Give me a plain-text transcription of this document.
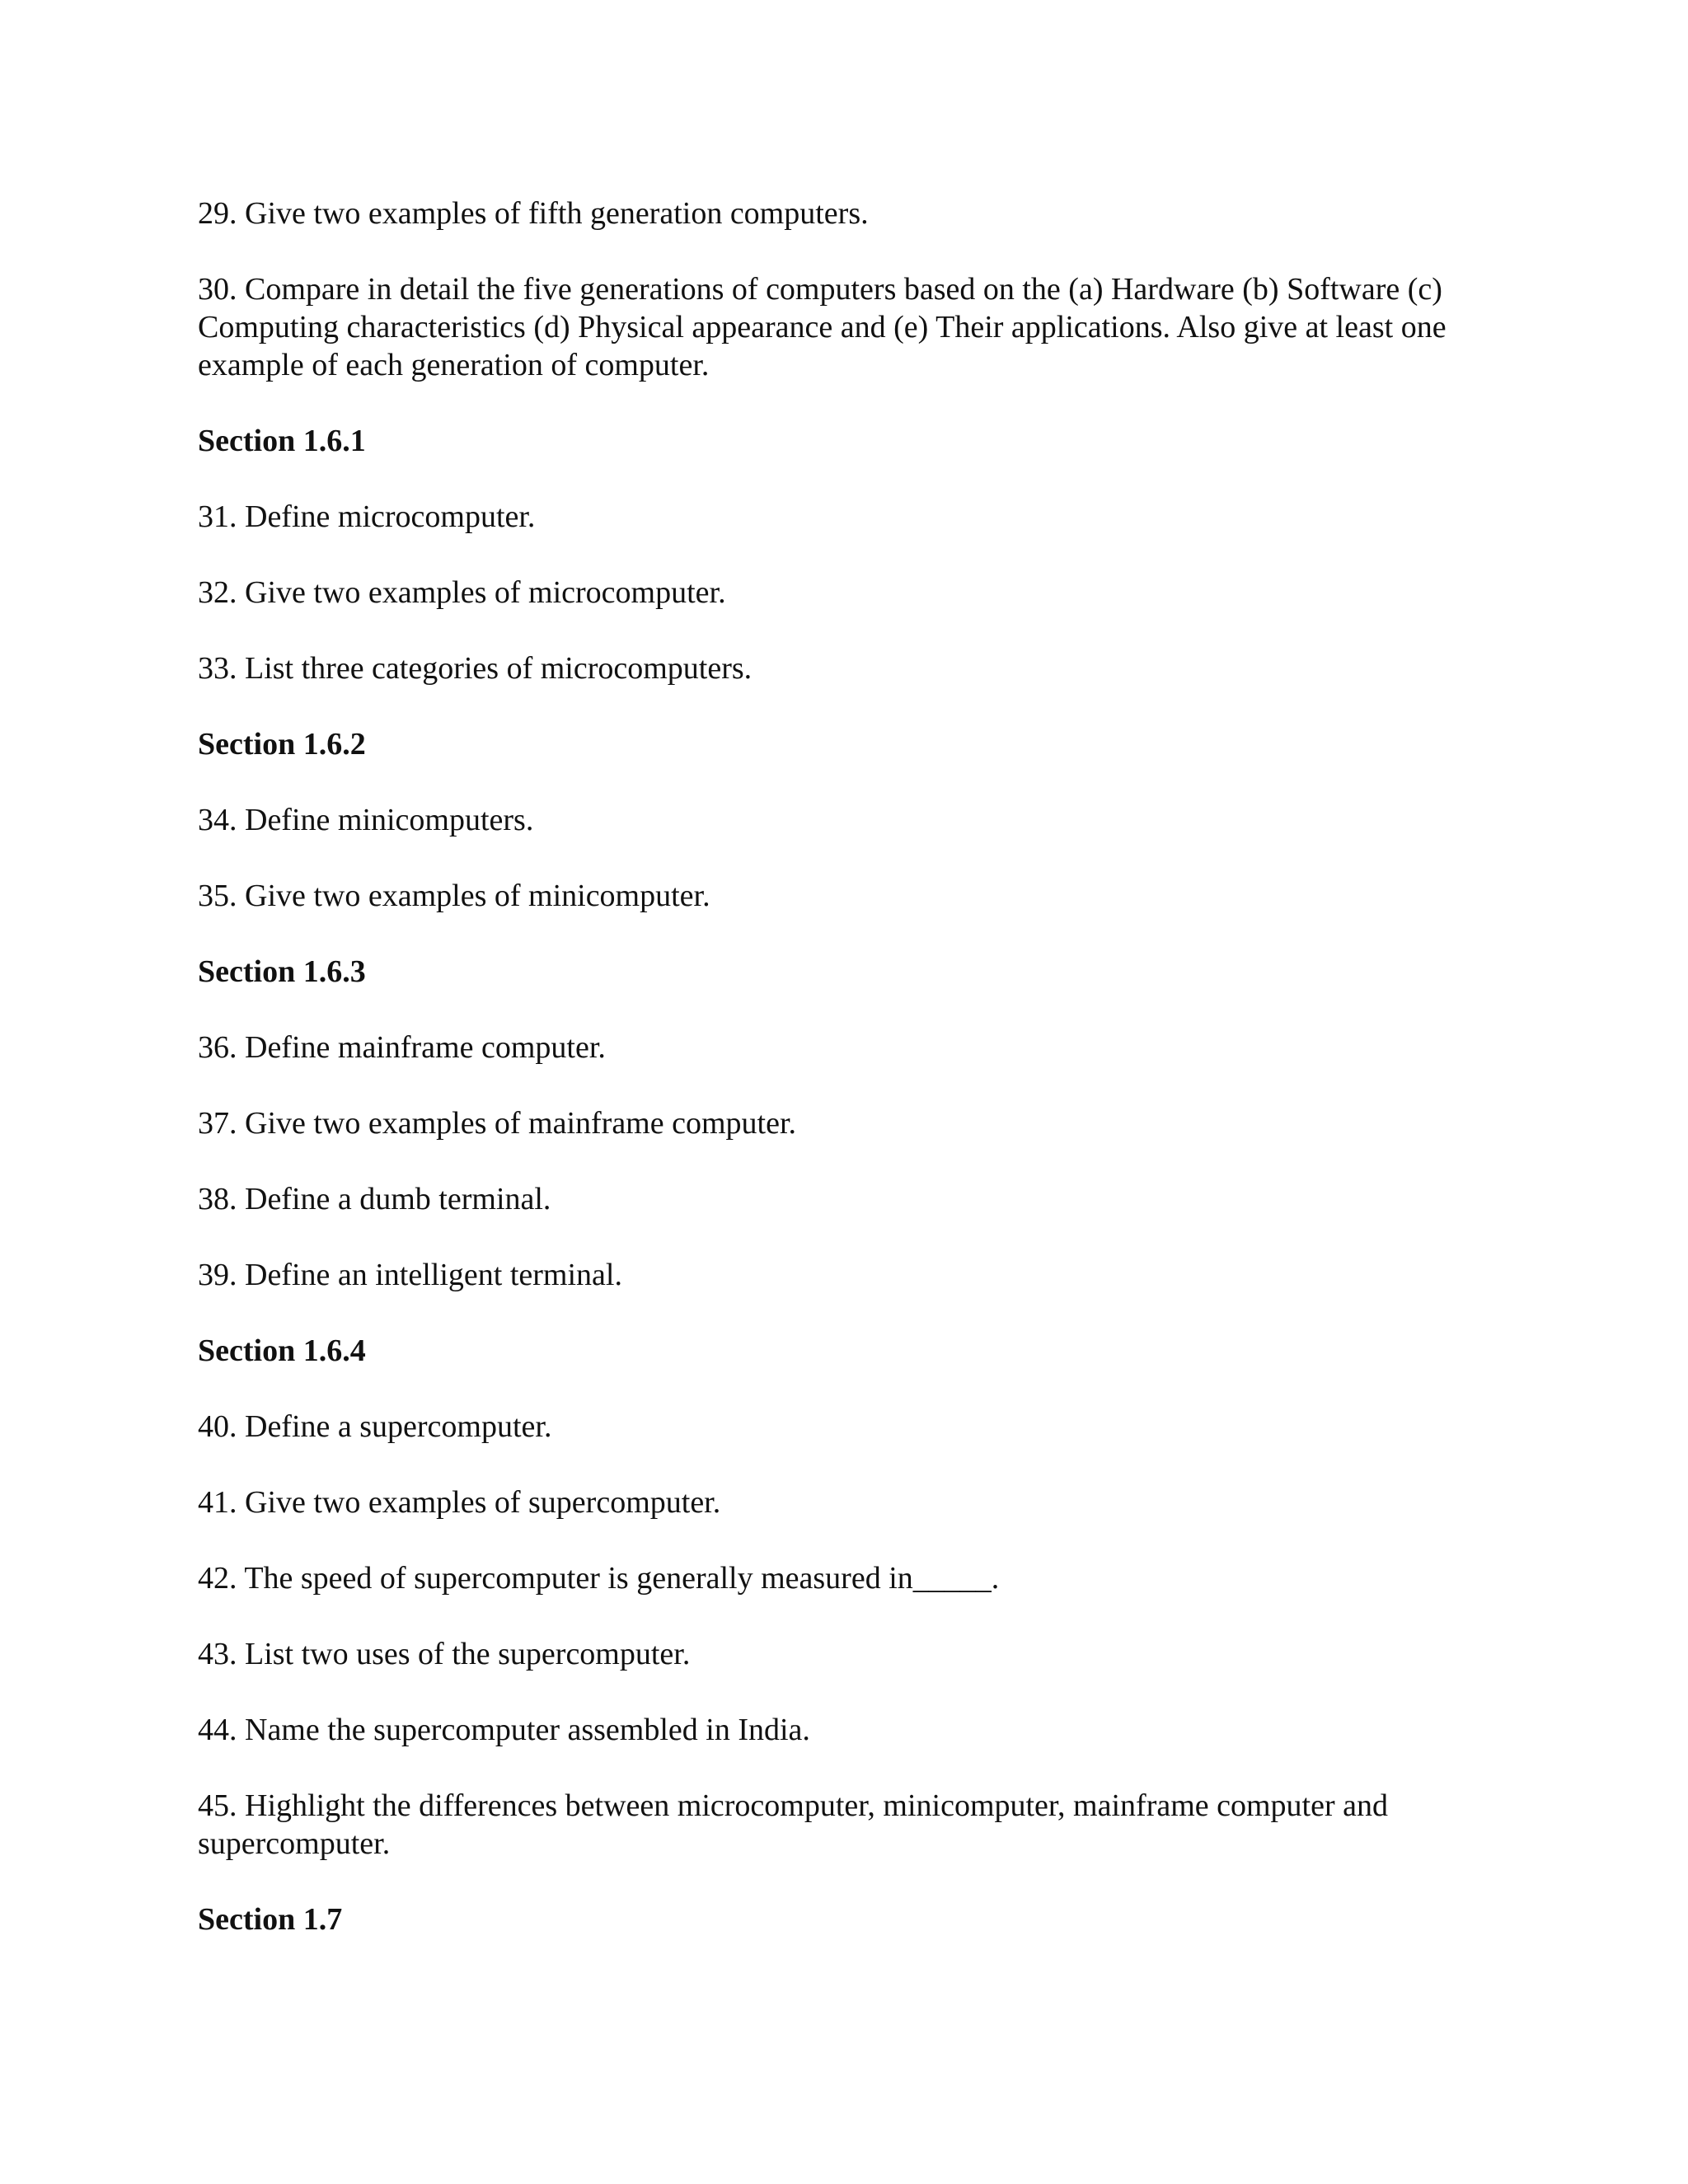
29. Give two examples of fifth generation computers.

30. Compare in detail the five generations of computers based on the (a) Hardware (b) Software (c) Computing characteristics (d) Physical appearance and (e) Their applications. Also give at least one example of each generation of computer.

Section 1.6.1

31. Define microcomputer.

32. Give two examples of microcomputer.

33. List three categories of microcomputers.

Section 1.6.2

34. Define minicomputers.

35. Give two examples of minicomputer.

Section 1.6.3

36. Define mainframe computer.

37. Give two examples of mainframe computer.

38. Define a dumb terminal.

39. Define an intelligent terminal.

Section 1.6.4

40. Define a supercomputer.

41. Give two examples of supercomputer.

42. The speed of supercomputer is generally measured in_____.

43. List two uses of the supercomputer.

44. Name the supercomputer assembled in India.

45. Highlight the differences between microcomputer, minicomputer, mainframe computer and supercomputer.

Section 1.7
